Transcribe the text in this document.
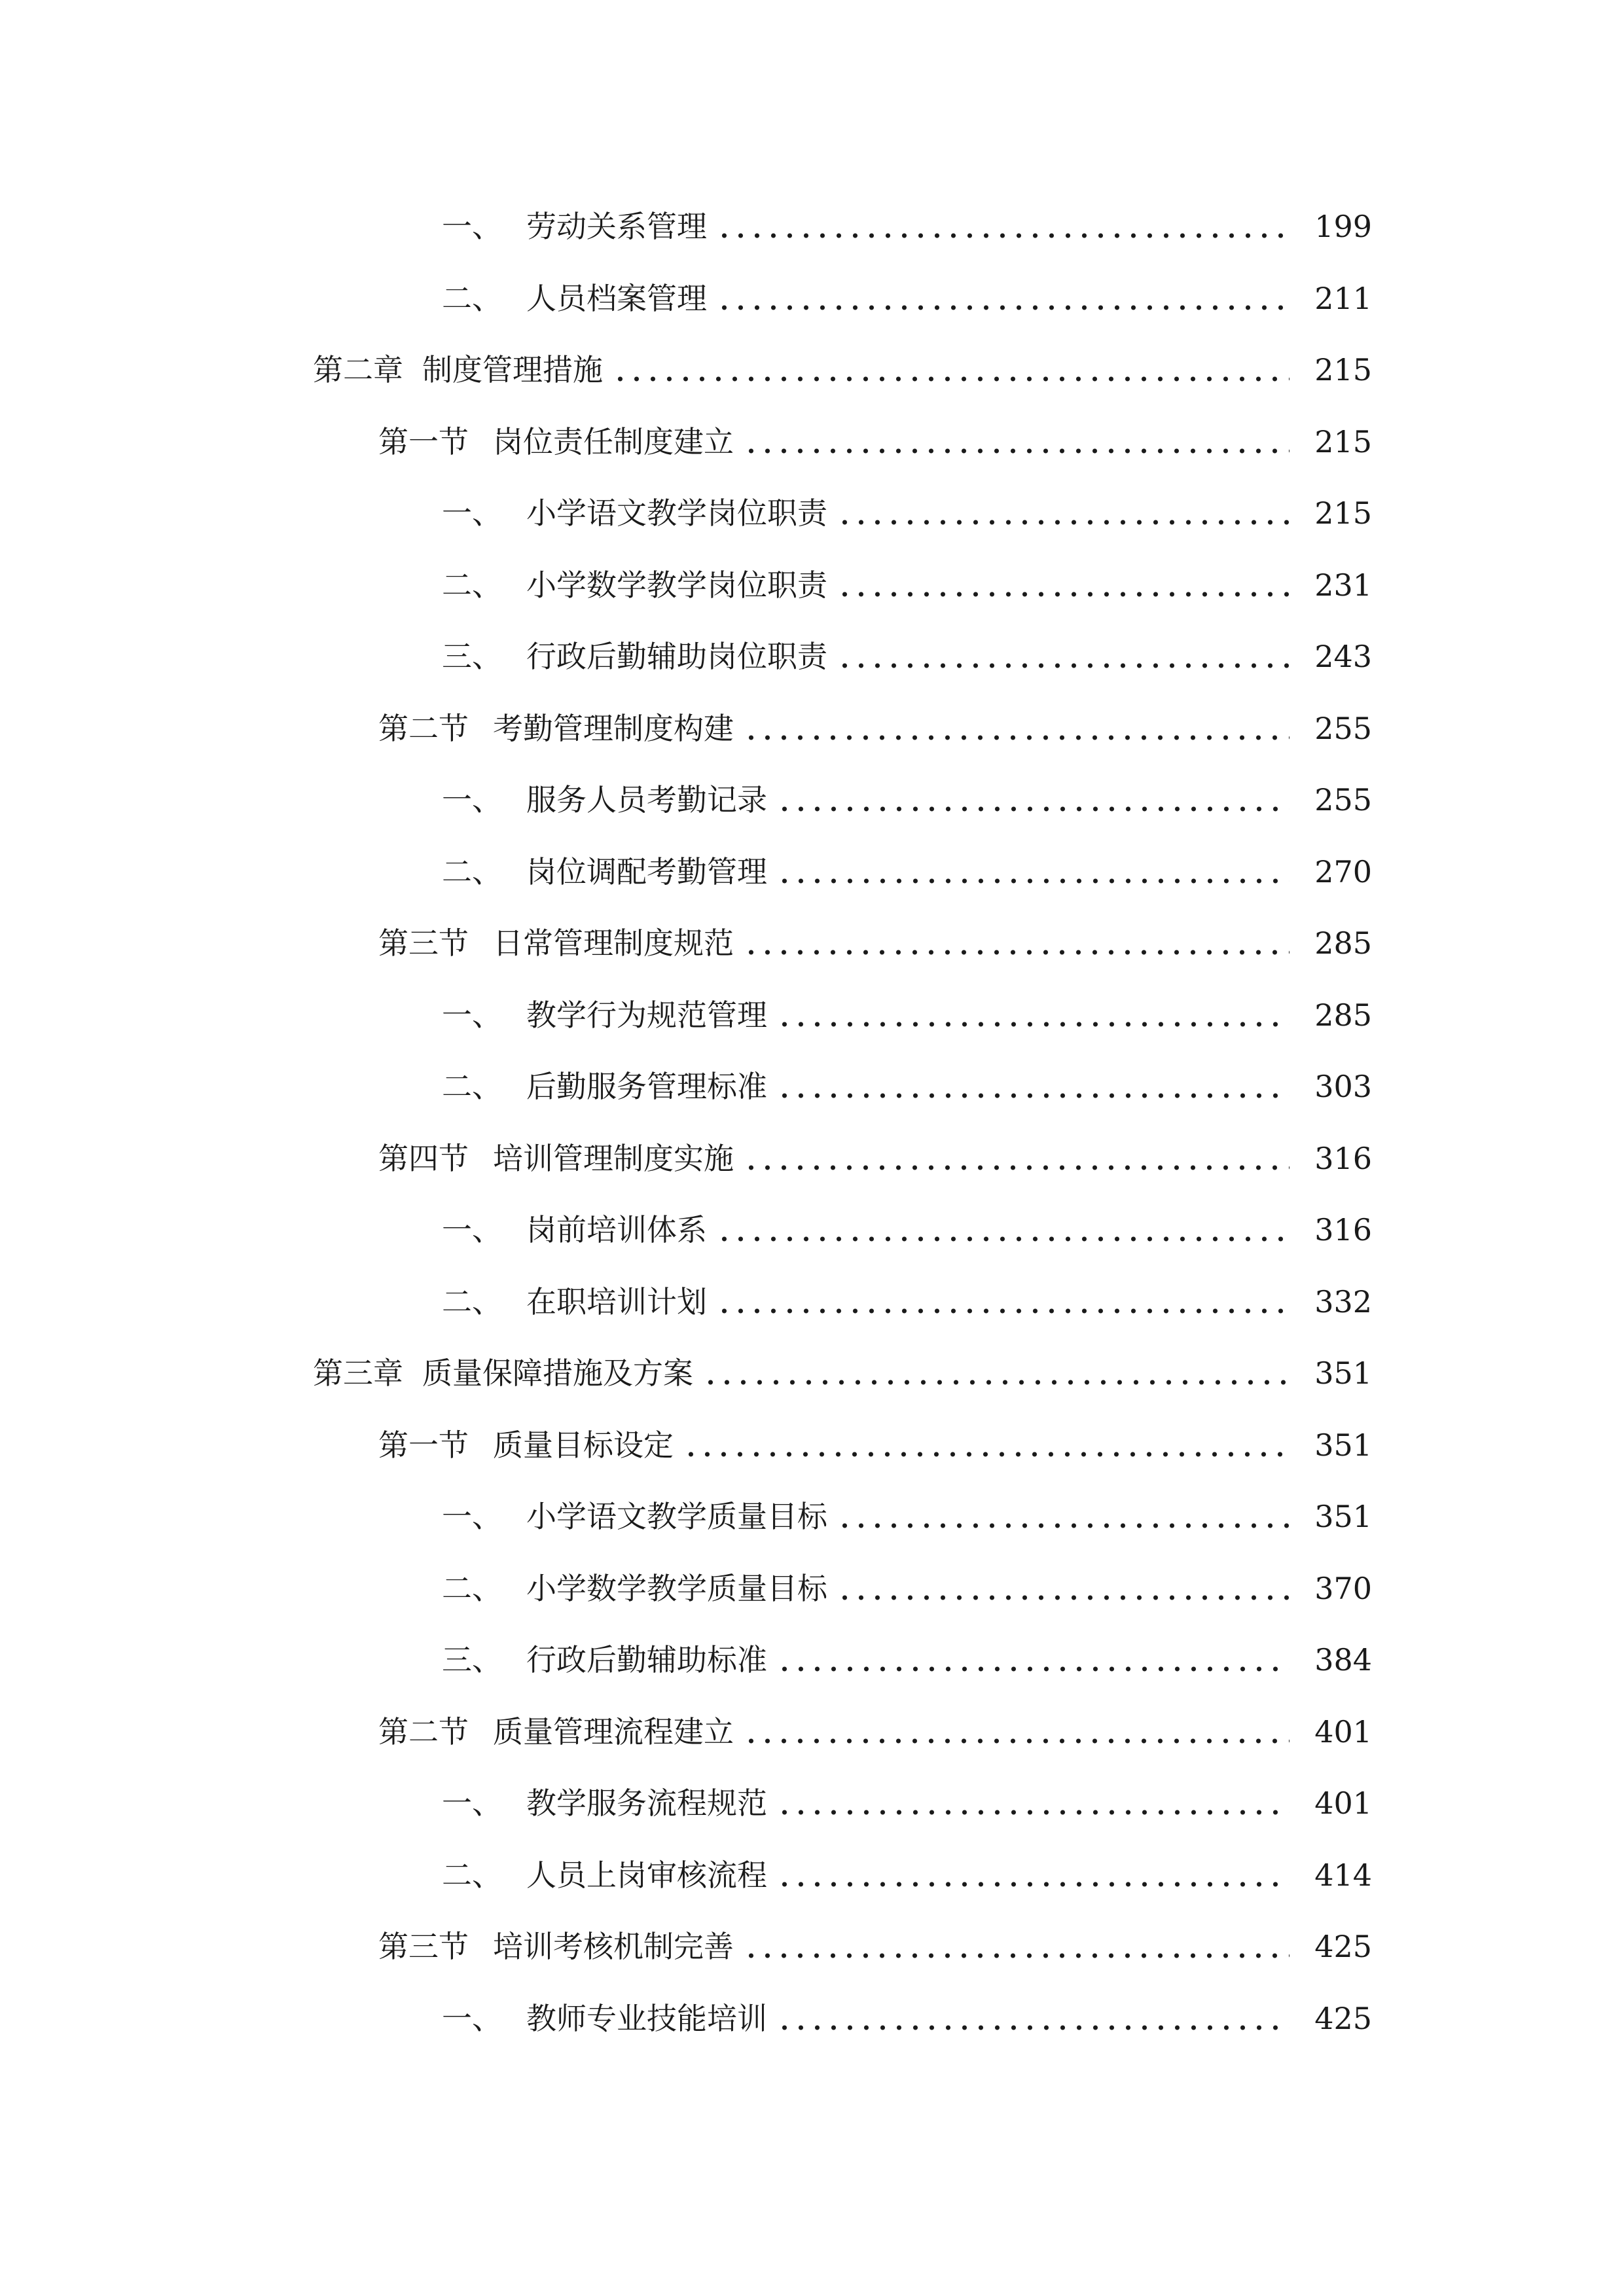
一、 劳动关系管理	199
二、 人员档案管理	211
第二章 制度管理措施	215
第一节 岗位责任制度建立	215
一、 小学语文教学岗位职责	215
二、 小学数学教学岗位职责	231
三、 行政后勤辅助岗位职责	243
第二节 考勤管理制度构建	255
一、 服务人员考勤记录	255
二、 岗位调配考勤管理	270
第三节 日常管理制度规范	285
一、 教学行为规范管理	285
二、 后勤服务管理标准	303
第四节 培训管理制度实施	316
一、 岗前培训体系	316
二、 在职培训计划	332
第三章 质量保障措施及方案	351
第一节 质量目标设定	351
一、 小学语文教学质量目标	351
二、 小学数学教学质量目标	370
三、 行政后勤辅助标准	384
第二节 质量管理流程建立	401
一、 教学服务流程规范	401
二、 人员上岗审核流程	414
第三节 培训考核机制完善	425
一、 教师专业技能培训	425
